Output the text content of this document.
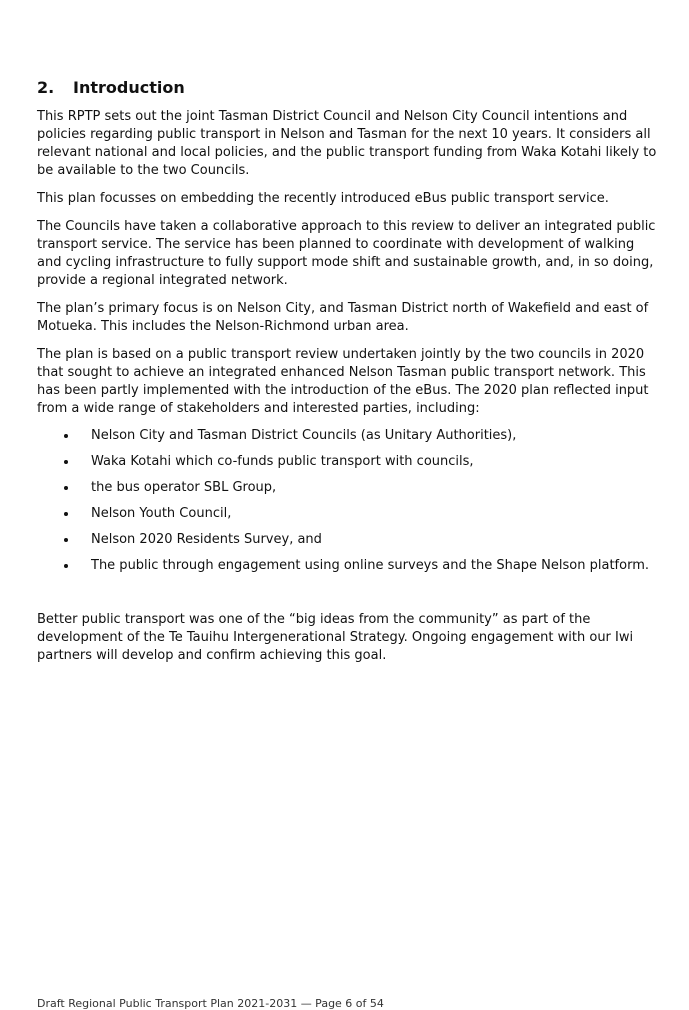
2. Introduction

This RPTP sets out the joint Tasman District Council and Nelson City Council intentions and policies regarding public transport in Nelson and Tasman for the next 10 years. It considers all relevant national and local policies, and the public transport funding from Waka Kotahi likely to be available to the two Councils.

This plan focusses on embedding the recently introduced eBus public transport service.

The Councils have taken a collaborative approach to this review to deliver an integrated public transport service. The service has been planned to coordinate with development of walking and cycling infrastructure to fully support mode shift and sustainable growth, and, in so doing, provide a regional integrated network.

The plan’s primary focus is on Nelson City, and Tasman District north of Wakefield and east of Motueka. This includes the Nelson-Richmond urban area.

The plan is based on a public transport review undertaken jointly by the two councils in 2020 that sought to achieve an integrated enhanced Nelson Tasman public transport network. This has been partly implemented with the introduction of the eBus. The 2020 plan reflected input from a wide range of stakeholders and interested parties, including:

Nelson City and Tasman District Councils (as Unitary Authorities),
Waka Kotahi which co-funds public transport with councils,
the bus operator SBL Group,
Nelson Youth Council,
Nelson 2020 Residents Survey, and
The public through engagement using online surveys and the Shape Nelson platform.

Better public transport was one of the “big ideas from the community” as part of the development of the Te Tauihu Intergenerational Strategy. Ongoing engagement with our Iwi partners will develop and confirm achieving this goal.

Draft Regional Public Transport Plan 2021-2031 — Page 6 of 54
